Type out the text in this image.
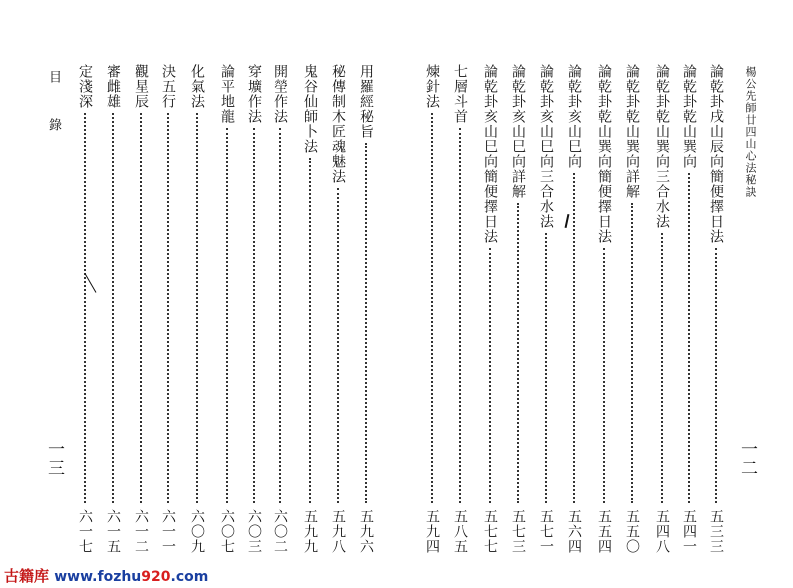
楊公先師廿四山心法秘訣
一二
一三
目 錄	論乾卦戌山辰向簡便擇日法
五三三
論乾卦乾山巽向
五四一
論乾卦乾山巽向三合水法
五四八
論乾卦乾山巽向詳解
五五〇
論乾卦乾山巽向簡便擇日法
五五四
論乾卦亥山巳向
五六四
論乾卦亥山巳向三合水法
五七一
論乾卦亥山巳向詳解
五七三
論乾卦亥山巳向簡便擇日法
五七七
七層斗首
五八五
煉針法
五九四
用羅經秘旨
五九六
秘傳制木匠魂魅法
五九八
鬼谷仙師卜法
五九九
開塋作法
六〇二
穿壙作法
六〇三
論平地龍
六〇七
化氣法
六〇九
決五行
六一一
觀星辰
六一二
審雌雄
六一五
定淺深
六一七
古籍库 www.fozhu920.com
